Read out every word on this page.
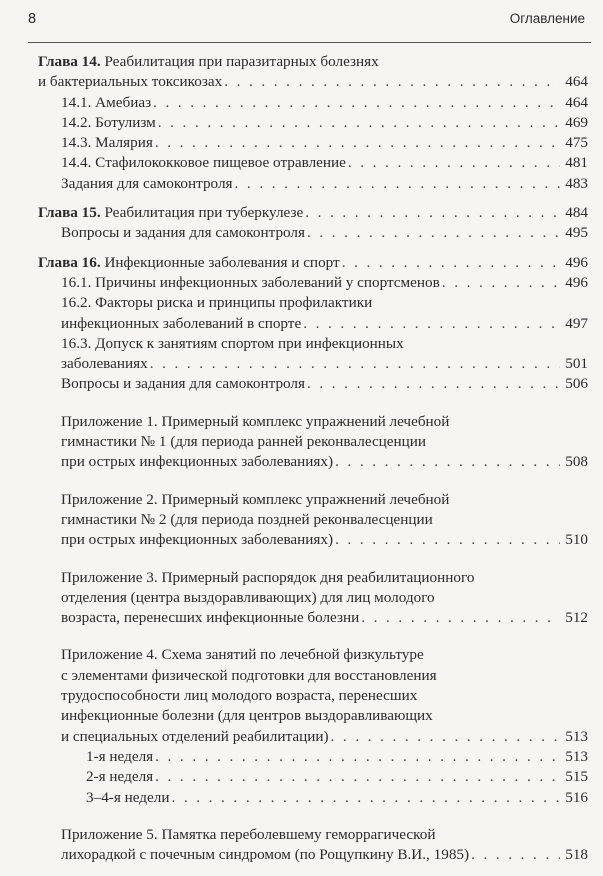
8	Оглавление
Глава 14. Реабилитация при паразитарных болезнях
и бактериальных токсикозах . . .	464
14.1. Амебиаз . . .	464
14.2. Ботулизм . . .	469
14.3. Малярия . . .	475
14.4. Стафилококковое пищевое отравление . . .	481
Задания для самоконтроля . . .	483
Глава 15. Реабилитация при туберкулезе . . .	484
Вопросы и задания для самоконтроля . . .	495
Глава 16. Инфекционные заболевания и спорт . . .	496
16.1. Причины инфекционных заболеваний у спортсменов . . .	496
16.2. Факторы риска и принципы профилактики
инфекционных заболеваний в спорте . . .	497
16.3. Допуск к занятиям спортом при инфекционных
заболеваниях . . .	501
Вопросы и задания для самоконтроля . . .	506
Приложение 1. Примерный комплекс упражнений лечебной
гимнастики № 1 (для периода ранней реконвалесценции
при острых инфекционных заболеваниях) . . .	508
Приложение 2. Примерный комплекс упражнений лечебной
гимнастики № 2 (для периода поздней реконвалесценции
при острых инфекционных заболеваниях) . . .	510
Приложение 3. Примерный распорядок дня реабилитационного
отделения (центра выздоравливающих) для лиц молодого
возраста, перенесших инфекционные болезни . . .	512
Приложение 4. Схема занятий по лечебной физкультуре
с элементами физической подготовки для восстановления
трудоспособности лиц молодого возраста, перенесших
инфекционные болезни (для центров выздоравливающих
и специальных отделений реабилитации) . . .	513
1-я неделя . . .	513
2-я неделя . . .	515
3–4-я недели . . .	516
Приложение 5. Памятка переболевшему геморрагической
лихорадкой с почечным синдромом (по Рощупкину В.И., 1985) . . .	518
